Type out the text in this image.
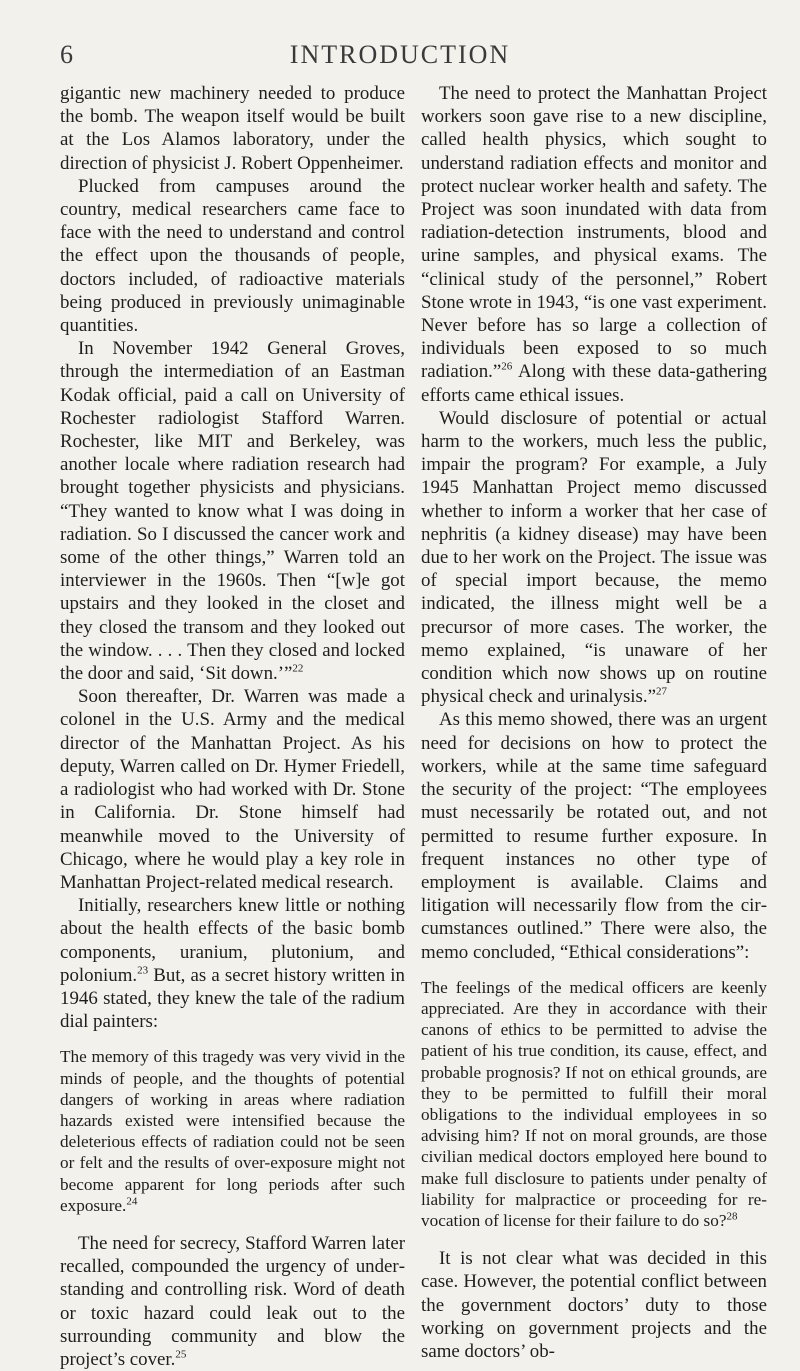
6	INTRODUCTION

gigantic new machinery needed to produce the bomb. The weapon itself would be built at the Los Alamos laboratory, under the direction of physicist J. Robert Oppenheimer.

Plucked from campuses around the country, medical researchers came face to face with the need to understand and control the effect upon the thousands of people, doctors included, of radioactive materials being produced in previously unimaginable quantities.

In November 1942 General Groves, through the intermediation of an Eastman Kodak official, paid a call on University of Rochester radiologist Stafford Warren. Rochester, like MIT and Berkeley, was another locale where radiation research had brought together physicists and physicians. “They wanted to know what I was doing in radiation. So I discussed the cancer work and some of the other things,” Warren told an interviewer in the 1960s. Then “[w]e got upstairs and they looked in the closet and they closed the transom and they looked out the window. . . . Then they closed and locked the door and said, ‘Sit down.’”$^{22}$

Soon thereafter, Dr. Warren was made a colonel in the U.S. Army and the medical director of the Manhattan Project. As his deputy, Warren called on Dr. Hymer Friedell, a radiologist who had worked with Dr. Stone in California. Dr. Stone himself had meanwhile moved to the University of Chicago, where he would play a key role in Manhattan Project-related medical research.

Initially, researchers knew little or nothing about the health effects of the basic bomb components, uranium, plutonium, and polonium.$^{23}$ But, as a secret history written in 1946 stated, they knew the tale of the radium dial painters:

The memory of this tragedy was very vivid in the minds of people, and the thoughts of potential dangers of working in areas where radiation hazards existed were intensified because the deleterious effects of radiation could not be seen or felt and the results of over-exposure might not become apparent for long periods after such exposure.$^{24}$

The need for secrecy, Stafford Warren later recalled, compounded the urgency of understanding and controlling risk. Word of death or toxic hazard could leak out to the surrounding community and blow the project’s cover.$^{25}$

The need to protect the Manhattan Project workers soon gave rise to a new discipline, called health physics, which sought to understand radiation effects and monitor and protect nuclear worker health and safety. The Project was soon inundated with data from radiation-detection instruments, blood and urine samples, and physical exams. The “clinical study of the personnel,” Robert Stone wrote in 1943, “is one vast experiment. Never before has so large a collection of individuals been exposed to so much radiation.”$^{26}$ Along with these data-gathering efforts came ethical issues.

Would disclosure of potential or actual harm to the workers, much less the public, impair the program? For example, a July 1945 Manhattan Project memo discussed whether to inform a worker that her case of nephritis (a kidney disease) may have been due to her work on the Project. The issue was of special import because, the memo indicated, the illness might well be a precursor of more cases. The worker, the memo explained, “is unaware of her condition which now shows up on routine physical check and urinalysis.”$^{27}$

As this memo showed, there was an urgent need for decisions on how to protect the workers, while at the same time safeguard the security of the project: “The employees must necessarily be rotated out, and not permitted to resume further exposure. In frequent instances no other type of employment is available. Claims and litigation will necessarily flow from the circumstances outlined.” There were also, the memo concluded, “Ethical considerations”:

The feelings of the medical officers are keenly appreciated. Are they in accordance with their canons of ethics to be permitted to advise the patient of his true condition, its cause, effect, and probable prognosis? If not on ethical grounds, are they to be permitted to fulfill their moral obligations to the individual employees in so advising him? If not on moral grounds, are those civilian medical doctors employed here bound to make full disclosure to patients under penalty of liability for malpractice or proceeding for revocation of license for their failure to do so?$^{28}$

It is not clear what was decided in this case. However, the potential conflict between the government doctors’ duty to those working on government projects and the same doctors’ ob-
